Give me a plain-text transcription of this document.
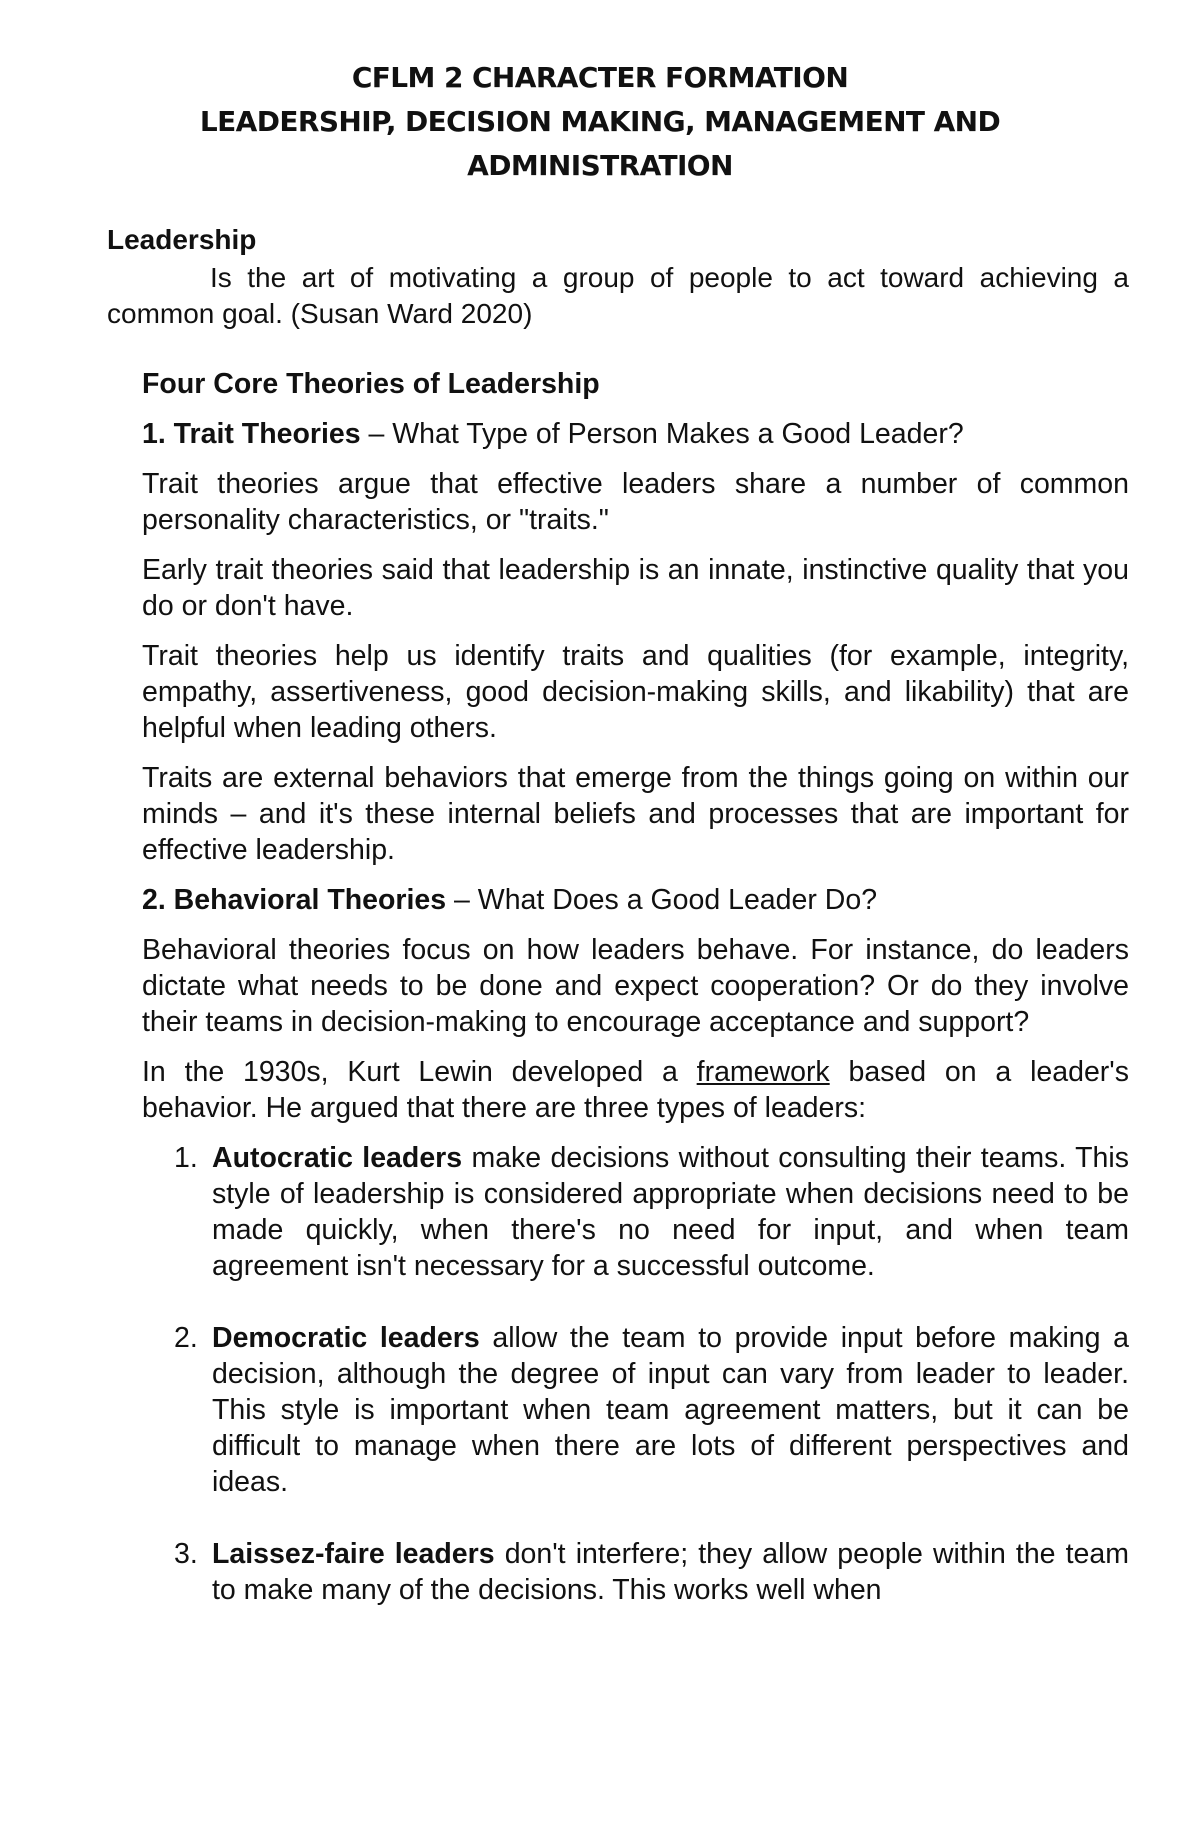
CFLM 2 CHARACTER FORMATION
LEADERSHIP, DECISION MAKING, MANAGEMENT AND
ADMINISTRATION
Leadership

Is the art of motivating a group of people to act toward achieving a common goal. (Susan Ward 2020)

Four Core Theories of Leadership

1. Trait Theories – What Type of Person Makes a Good Leader?

Trait theories argue that effective leaders share a number of common personality characteristics, or "traits."

Early trait theories said that leadership is an innate, instinctive quality that you do or don't have.

Trait theories help us identify traits and qualities (for example, integrity, empathy, assertiveness, good decision-making skills, and likability) that are helpful when leading others.

Traits are external behaviors that emerge from the things going on within our minds – and it's these internal beliefs and processes that are important for effective leadership.

2. Behavioral Theories – What Does a Good Leader Do?

Behavioral theories focus on how leaders behave. For instance, do leaders dictate what needs to be done and expect cooperation? Or do they involve their teams in decision-making to encourage acceptance and support?

In the 1930s, Kurt Lewin developed a framework based on a leader's behavior. He argued that there are three types of leaders:

1. Autocratic leaders make decisions without consulting their teams. This style of leadership is considered appropriate when decisions need to be made quickly, when there's no need for input, and when team agreement isn't necessary for a successful outcome.
2. Democratic leaders allow the team to provide input before making a decision, although the degree of input can vary from leader to leader. This style is important when team agreement matters, but it can be difficult to manage when there are lots of different perspectives and ideas.
3. Laissez-faire leaders don't interfere; they allow people within the team to make many of the decisions. This works well when
